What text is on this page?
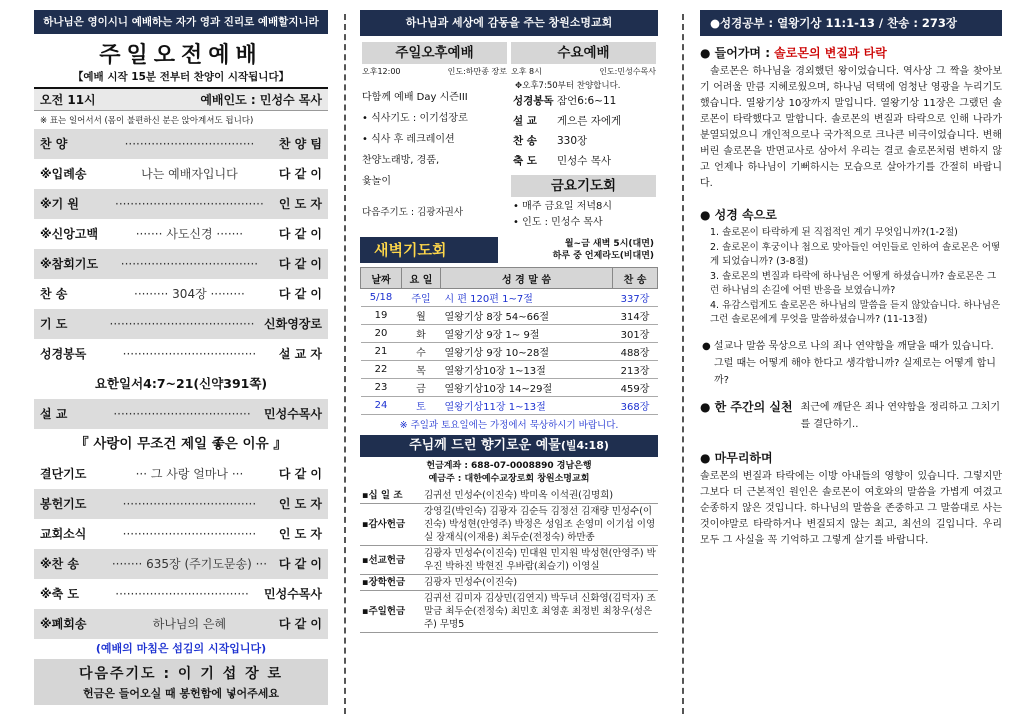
하나님은 영이시니 예배하는 자가 영과 진리로 예배할지니라
주일오전예배
【예배 시작 15분 전부터 찬양이 시작됩니다】
오전 11시	예배인도 : 민성수 목사
※ 표는 일어서서 (몸이 불편하신 분은 앉아계셔도 됩니다)
찬 양	··································	찬 양 팀
※입례송	나는 예배자입니다	다 같 이
※기 원	·······································	인 도 자
※신앙고백	······· 사도신경 ·······	다 같 이
※참회기도	····································	다 같 이
찬 송	········· 304장 ·········	다 같 이
기 도	······································ 신화영장로
성경봉독	···································	설 교 자
요한일서4:7~21(신약391쪽)
설 교	····································	민성수목사
『 사랑이 무조건 제일 좋은 이유 』
결단기도	··· 그 사랑 얼마나 ···	다 같 이
봉헌기도	···································	인 도 자
교회소식	···································	인 도 자
※찬 송	········ 635장 (주기도문송) ··· 다 같 이
※축 도	···································	민성수목사
※폐회송	하나님의 은혜	다 같 이
(예배의 마침은 섬김의 시작입니다)
다음주기도 : 이 기 섭 장 로
헌금은 들어오실 때 봉헌함에 넣어주세요
하나님과 세상에 감동을 주는 창원소명교회
주일오후예배
오후12:00	인도:하만종 장로
다함께 예배 Day 시즌III
• 식사기도 : 이기섭장로
• 식사 후 레크레이션
찬양노래방, 경품,
윷놀이
다음주기도 : 김광자권사
수요예배
오후 8시	인도:민성수목사
✥오후7:50부터 찬양합니다.
성경봉독 잠언6:6~11
설 교 게으른 자에게
찬 송 330장
축 도 민성수 목사
금요기도회
• 매주 금요일 저녁8시
• 인도 : 민성수 목사
새벽기도회	월~금 새벽 5시(대면)
하루 중 언제라도(비대면)
날짜	요 일	성 경 말 씀	찬 송
5/18	주일	시 편 120편 1~7절	337장
19	월	열왕기상 8장 54~66절	314장
20	화	열왕기상 9장 1~ 9절	301장
21	수	열왕기상 9장 10~28절	488장
22	목	열왕기상10장 1~13절	213장
23	금	열왕기상10장 14~29절	459장
24	토	열왕기상11장 1~13절	368장
※ 주일과 토요일에는 가정에서 묵상하시기 바랍니다.
주님께 드린 향기로운 예물(빌4:18)
헌금계좌 : 688-07-0008890 경남은행
예금주 : 대한예수교장로회 창원소명교회
▪십 일 조	김귀선 민성수(이진숙) 박미옥 이석권(김명희)
▪감사헌금	강영길(박인숙) 김광자 김순득 김정선 김재량 민성수(이진숙) 박성현(안영주) 박정은 성임조 손영미 이기섭 이영실 장재식(이재용) 최두순(전정숙) 하만종
▪선교헌금	김광자 민성수(이진숙) 민대원 민지원 박성현(안영주) 박우진 박하진 박현진 우바람(최슬기) 이영실
▪장학헌금	김광자 민성수(이진숙)
▪주일헌금	김귀선 김미자 김상민(김연지) 박두녀 신화영(김덕자) 조말금 최두순(전정숙) 최민호 최영훈 최정빈 최창우(성은주) 무명5
●성경공부 : 열왕기상 11:1-13 / 찬송 : 273장
● 들어가며 : 솔로몬의 변질과 타락

솔로몬은 하나님을 경외했던 왕이었습니다. 역사상 그 짝을 찾아보기 어려울 만큼 지혜로웠으며, 하나님 덕택에 엄청난 영광을 누리기도 했습니다. 열왕기상 10장까지 말입니다. 열왕기상 11장은 그랬던 솔로몬이 타락했다고 말합니다. 솔로몬의 변질과 타락으로 인해 나라가 분열되었으니 개인적으로나 국가적으로 크나큰 비극이었습니다. 변해 버린 솔로몬을 반면교사로 삼아서 우리는 결코 솔로몬처럼 변하지 않고 언제나 하나님이 기뻐하시는 모습으로 살아가기를 간절히 바랍니다.

● 성경 속으로
1. 솔로몬이 타락하게 된 직접적인 계기 무엇입니까?(1-2절)
2. 솔로몬이 후궁이나 첩으로 맞아들인 여인들로 인하여 솔로몬은 어떻게 되었습니까? (3-8절)
3. 솔로몬의 변질과 타락에 하나님은 어떻게 하셨습니까? 솔로몬은 그런 하나님의 손길에 어떤 반응을 보였습니까?
4. 유감스럽게도 솔로몬은 하나님의 말씀을 듣지 않았습니다. 하나님은 그런 솔로몬에게 무엇을 말씀하셨습니까? (11-13절)
● 설교나 말씀 묵상으로 나의 죄나 연약함을 깨달을 때가 있습니다. 그럴 때는 어떻게 해야 한다고 생각합니까? 실제로는 어떻게 합니까?
● 한 주간의 실천 최근에 깨닫은 죄나 연약함을 정리하고 그치기를 결단하기..
● 마무리하며

솔로몬의 변질과 타락에는 이방 아내들의 영향이 있습니다. 그렇지만 그보다 더 근본적인 원인은 솔로몬이 여호와의 말씀을 가볍게 여겼고 순종하지 않은 것입니다. 하나님의 말씀을 존중하고 그 말씀대로 사는 것이야말로 타락하거나 변질되지 않는 최고, 최선의 길입니다. 우리 모두 그 사실을 꼭 기억하고 그렇게 살기를 바랍니다.
